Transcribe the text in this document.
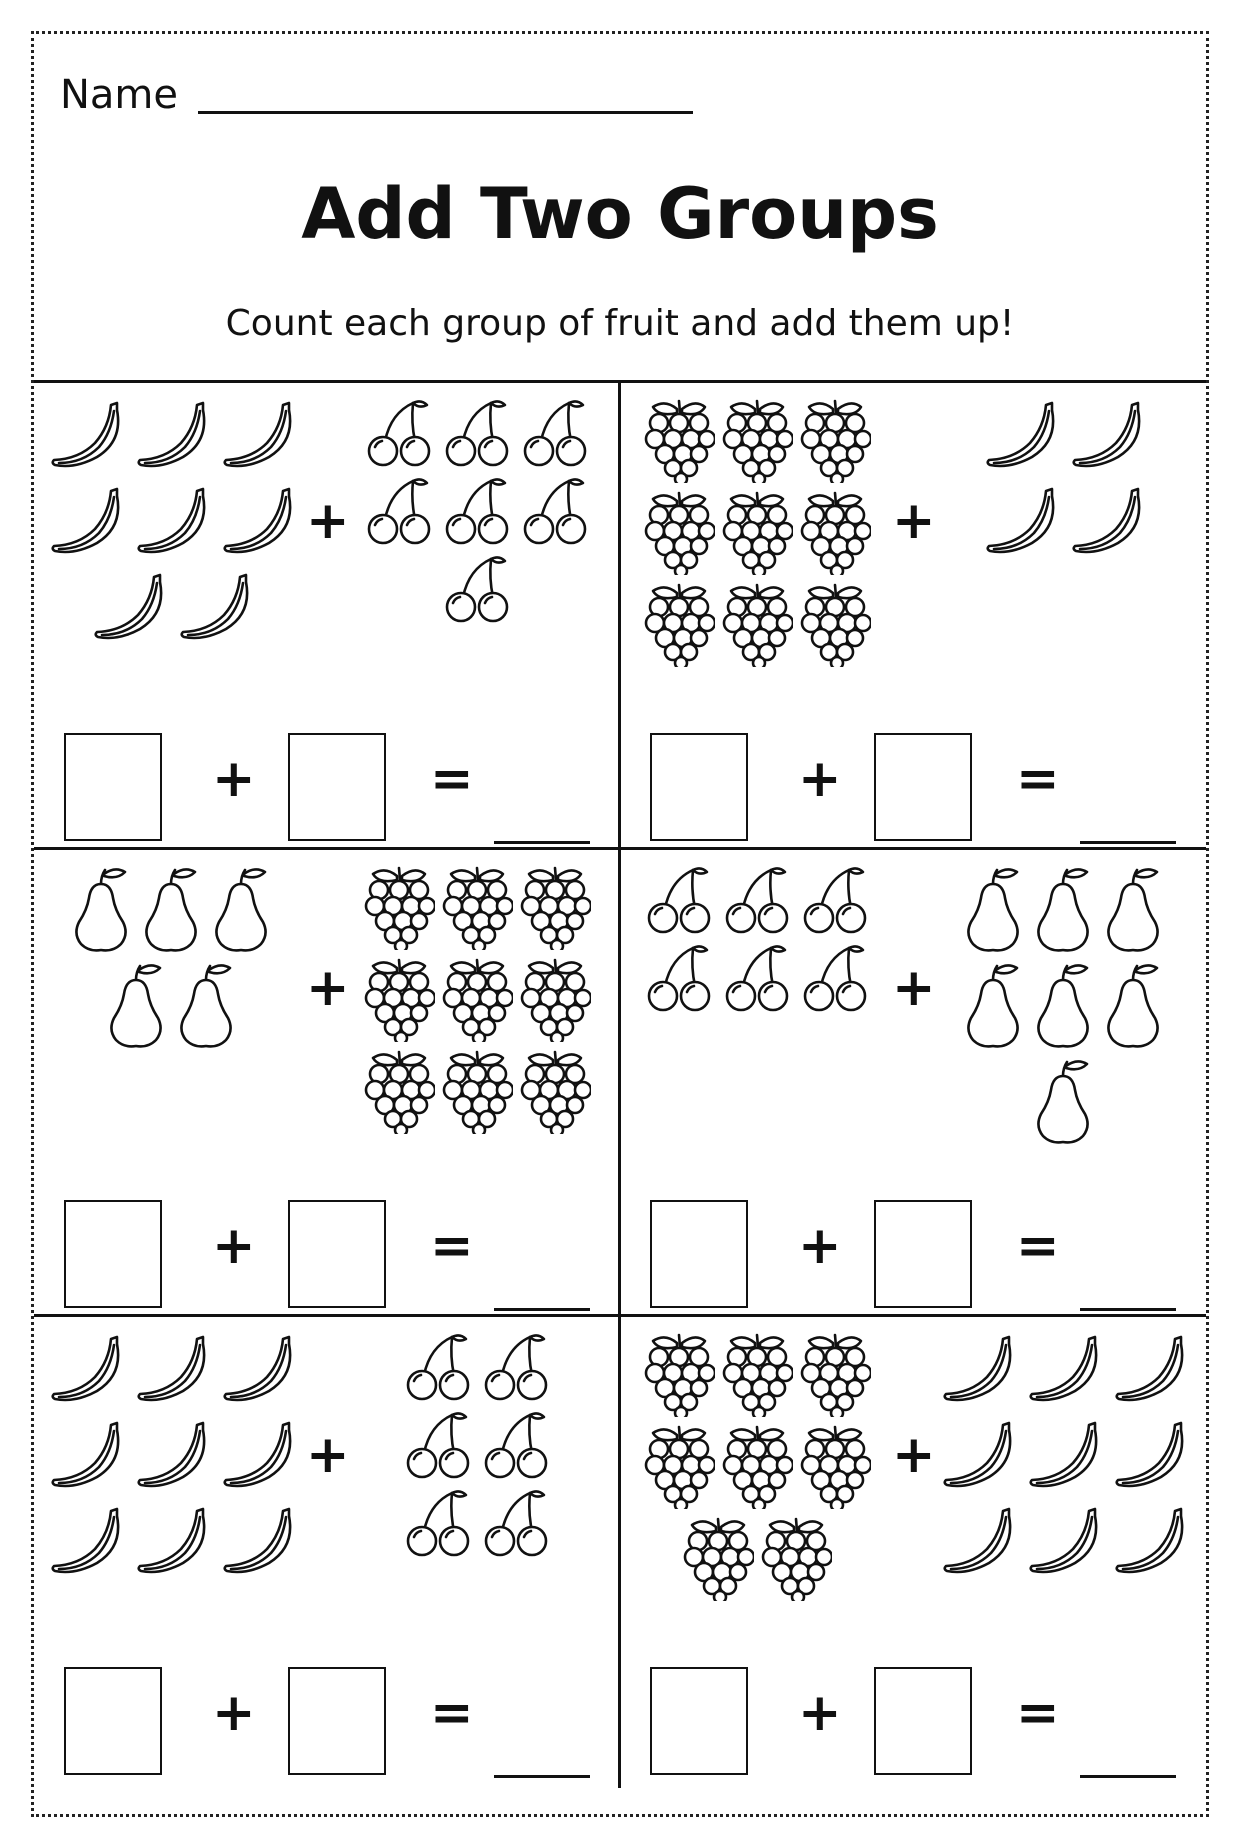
Name
Add Two Groups
Count each group of fruit and add them up!
+
+	=
+
+	=
+
+	=
+
+	=
+
+	=
+
+	=
